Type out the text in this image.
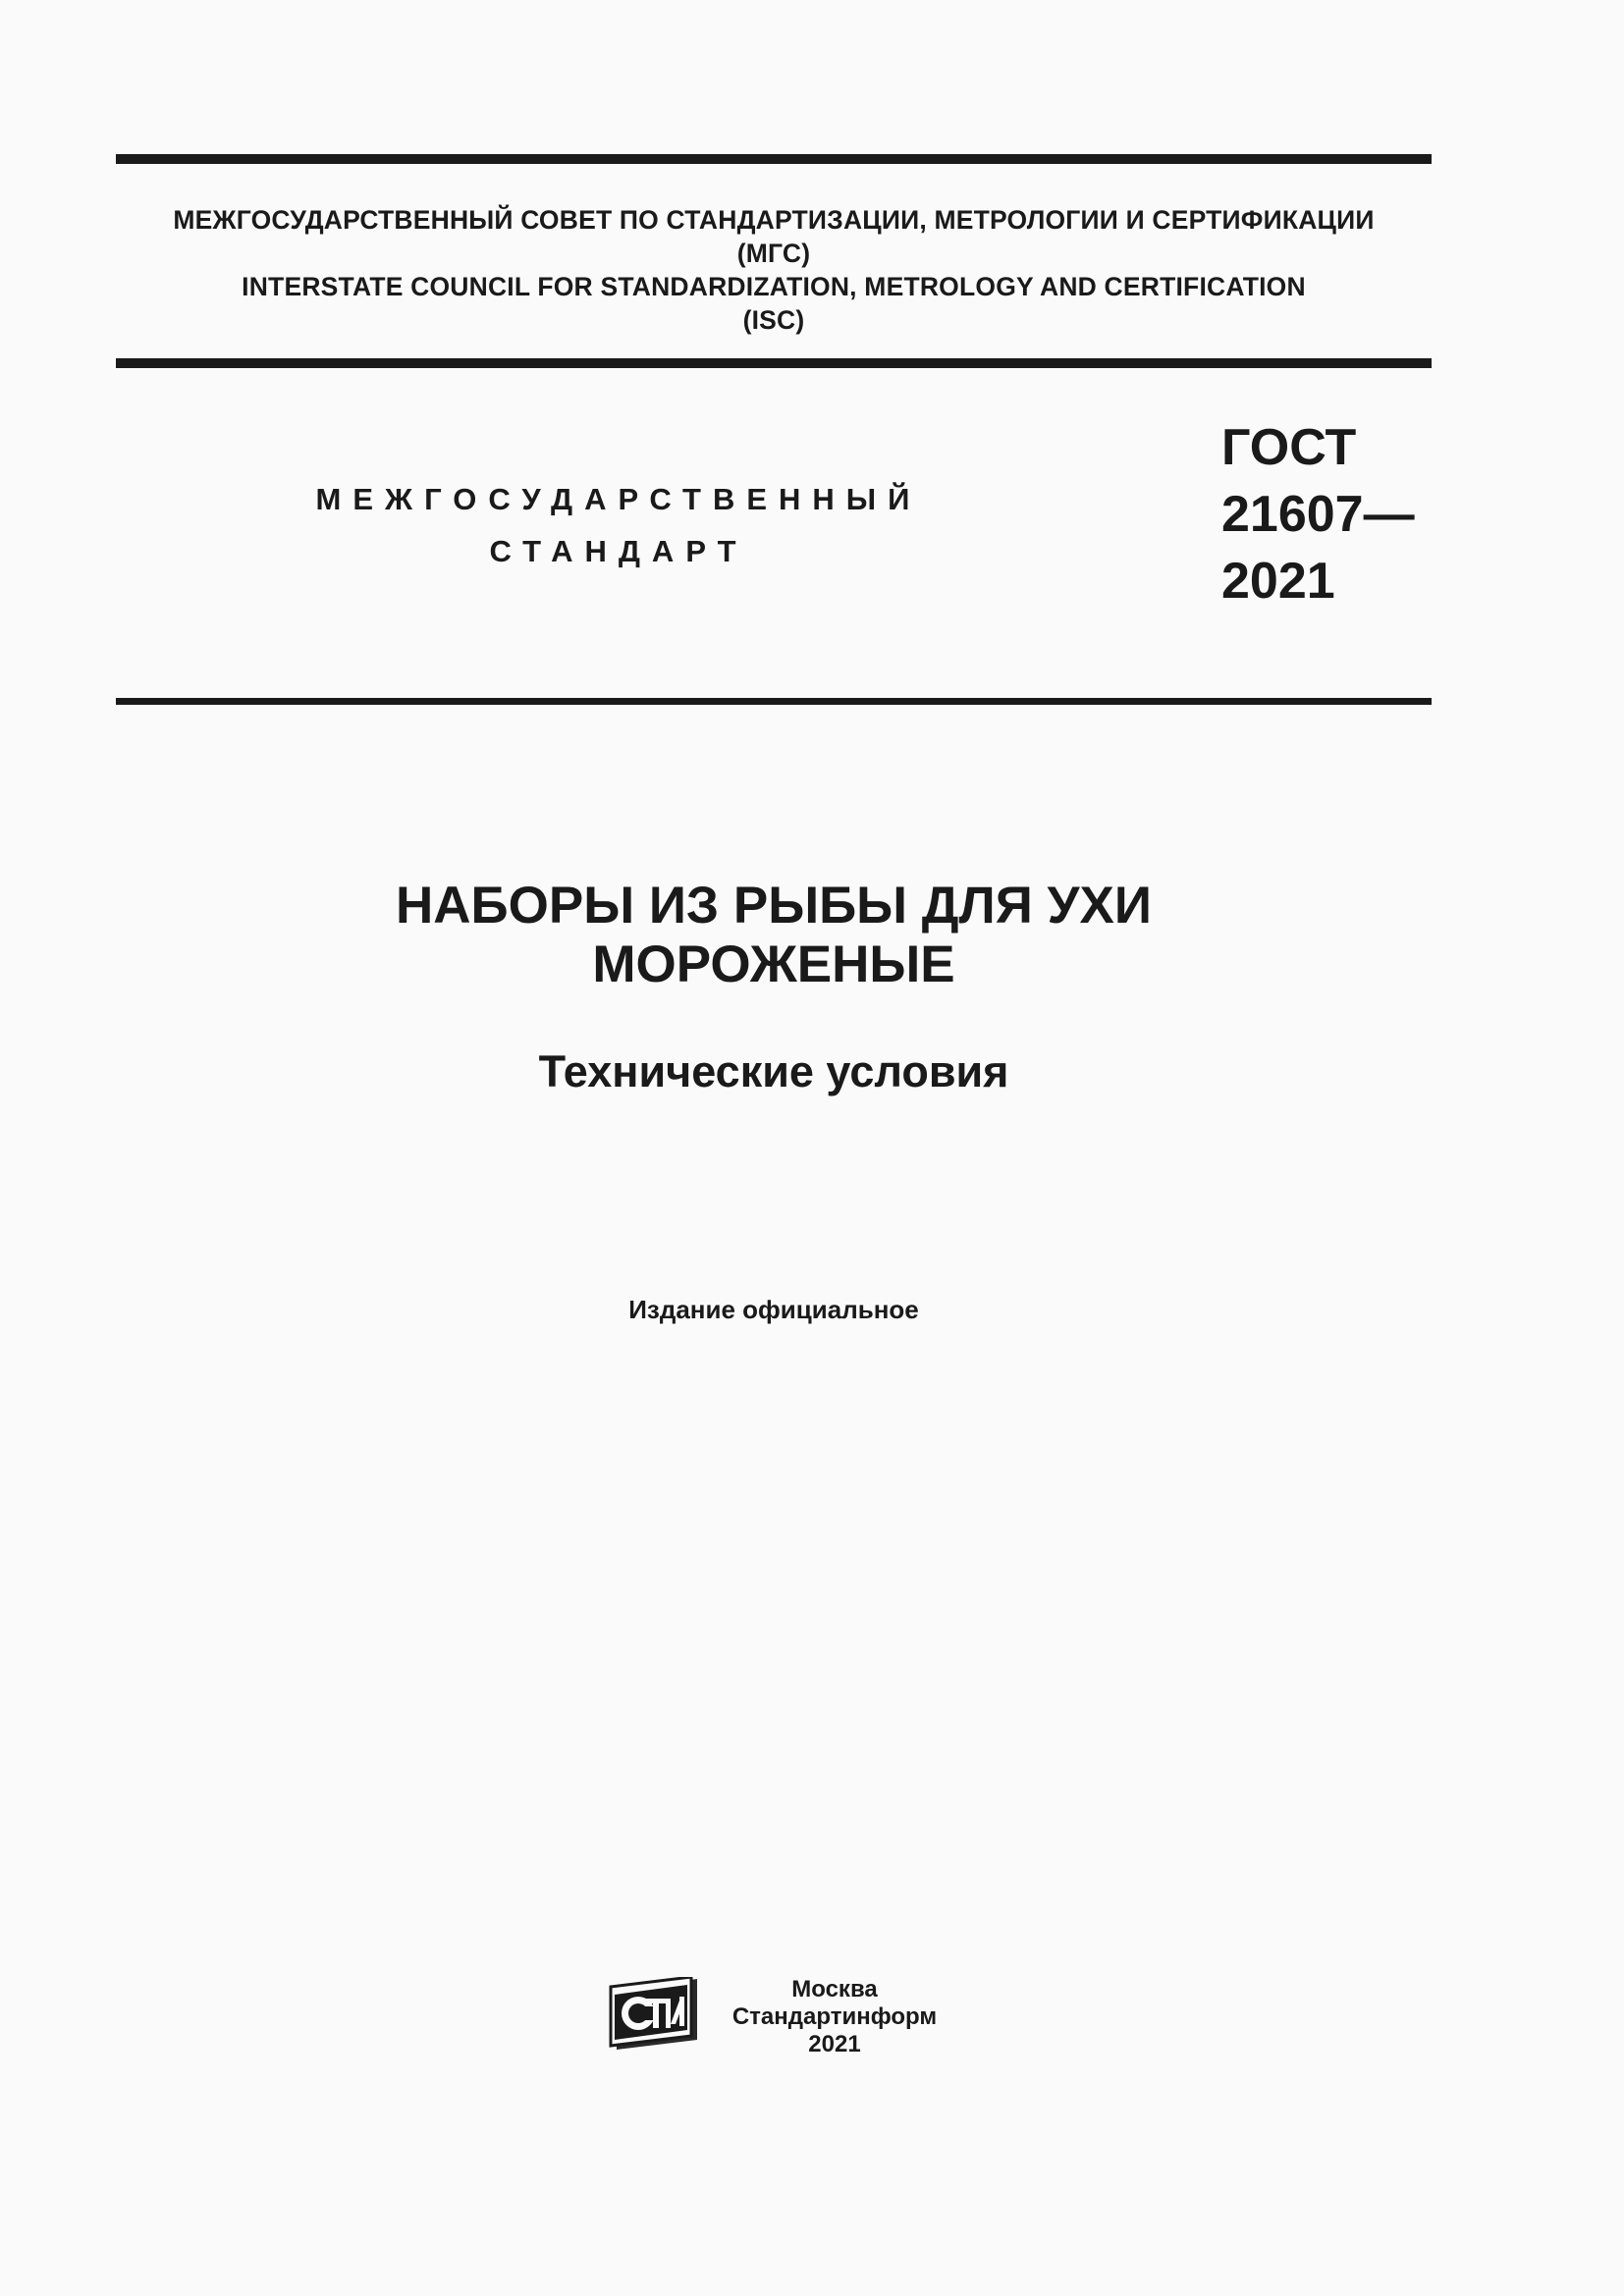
МЕЖГОСУДАРСТВЕННЫЙ СОВЕТ ПО СТАНДАРТИЗАЦИИ, МЕТРОЛОГИИ И СЕРТИФИКАЦИИ
(МГС)
INTERSTATE COUNCIL FOR STANDARDIZATION, METROLOGY AND CERTIFICATION
(ISC)
МЕЖГОСУДАРСТВЕННЫЙ
СТАНДАРТ
ГОСТ
21607—
2021
НАБОРЫ ИЗ РЫБЫ ДЛЯ УХИ
МОРОЖЕНЫЕ
Технические условия
Издание официальное
СТИ	Москва
Стандартинформ
2021
